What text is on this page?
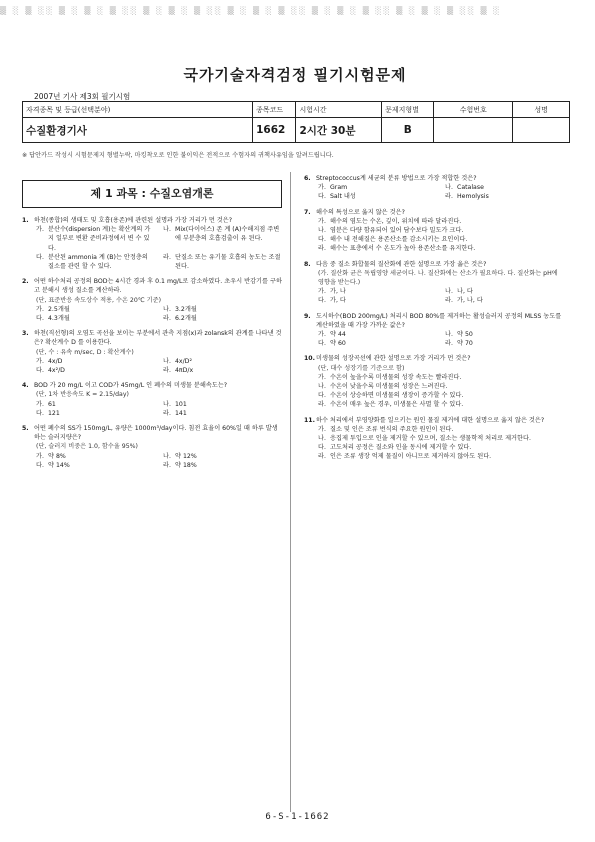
▒ ░ ▒ ░░ ▒ ░ ▒ ░ ▒ ░░ ▒ ░ ▒ ░ ▒ ░░ ▒ ░ ▒ ░ ▒ ░░ ▒ ░ ▒ ░ ▒ ░░ ▒ ░ ▒ ░ ▒ ░░ ▒ ░
국가기술자격검정 필기시험문제
2007년 기사 제3회 필기시험
자격종목 및 등급(선택분야)	종목코드	시험시간	문제지형별	수험번호	성명
수질환경기사	1662	2시간 30분	B		
※ 답안카드 작성시 시험문제지 형별누락, 마킹착오로 인한 불이익은 전적으로 수험자의 귀책사유임을 알려드립니다.
제 1 과목 : 수질오염개론
1. 하천(종합)의 생태도 및 호흡(용존)에 관련된 설명과 가장 거리가 먼 것은?
가. 분산수(dispersion 계)는 확산계의 가지 일부로 변환 준비과정에서 변 수 있다.
나. Mix(다이어스) 존 계 (A)수해지점 주변에 부분층의 호흡검출이 유 된다.
다. 분산된 ammonia 계 (B)는 안정층의 질소를 관련 할 수 있다.
라. 단질소 또는 유기물 호흡의 농도는 조절된다.
2. 어떤 하수처리 공정의 BOD는 4시간 경과 후 0.1 mg/L로 감소하였다. 초우시 반감기를 구하고 분해시 생성 질소를 계산하라.
(단, 표준반응 속도상수 적용, 수온 20℃ 기준)
가. 2.5개월	나. 3.2개월
다. 4.3개월	라. 6.2개월
3. 하천(직선형)의 오염도 곡선을 보이는 부분에서 관측 지점(x)과 zolansk의 관계를 나타낸 것은? 확산계수 D 를 이용한다.
(단, 수 : 유속 m/sec, D : 확산계수)
가. 4x/D	나. 4x/D²
다. 4x²/D	라. 4πD/x
4. BOD 가 20 mg/L 이고 COD가 45mg/L 인 폐수의 미생물 분해속도는?
(단, 1차 반응속도 K = 2.15/day)
가. 61	나. 101
다. 121	라. 141
5. 어떤 폐수의 SS가 150mg/L, 유량은 1000m³/day이다. 침전 효율이 60%일 때 하루 발생하는 슬러지량은?
(단, 슬러지 비중은 1.0, 함수율 95%)
가. 약 8%	나. 약 12%
다. 약 14%	라. 약 18%
6. Streptococcus계 세균의 분류 방법으로 가장 적합한 것은?
가. Gram	나. Catalase
다. Salt 내성	라. Hemolysis
7. 해수의 특성으로 옳지 않은 것은?
가. 해수의 염도는 수온, 깊이, 위치에 따라 달라진다.
나. 염분은 다량 함유되어 있어 담수보다 밀도가 크다.
다. 해수 내 전해질은 용존산소를 감소시키는 요인이다.
라. 해수는 표층에서 수 온도가 높아 용존산소를 유지한다.
8. 다음 중 질소 화합물의 질산화에 관한 설명으로 가장 옳은 것은?
(가. 질산화 균은 독립영양 세균이다. 나. 질산화에는 산소가 필요하다. 다. 질산화는 pH에 영향을 받는다.)
가. 가, 나	나. 나, 다
다. 가, 다	라. 가, 나, 다
9. 도시하수(BOD 200mg/L) 처리시 BOD 80%를 제거하는 활성슬러지 공정의 MLSS 농도를 계산하였을 때 가장 가까운 값은?
가. 약 44	나. 약 50
다. 약 60	라. 약 70
10. 미생물의 성장곡선에 관한 설명으로 가장 거리가 먼 것은?
(단, 대수 성장기를 기준으로 함)
가. 수온이 높을수록 미생물의 성장 속도는 빨라진다.
나. 수온이 낮을수록 미생물의 성장은 느려진다.
다. 수온이 상승하면 미생물의 생장이 증가할 수 있다.
라. 수온이 매우 높은 경우, 미생물은 사멸 할 수 있다.
11. 하수 처리에서 부영양화를 일으키는 원인 물질 제거에 대한 설명으로 옳지 않은 것은?
가. 질소 및 인은 조류 번식의 주요한 원인이 된다.
나. 응집제 투입으로 인을 제거할 수 있으며, 질소는 생물학적 처리로 제거한다.
다. 고도처리 공정은 질소와 인을 동시에 제거할 수 있다.
라. 인은 조류 생장 억제 물질이 아니므로 제거하지 않아도 된다.
6-S-1-1662
